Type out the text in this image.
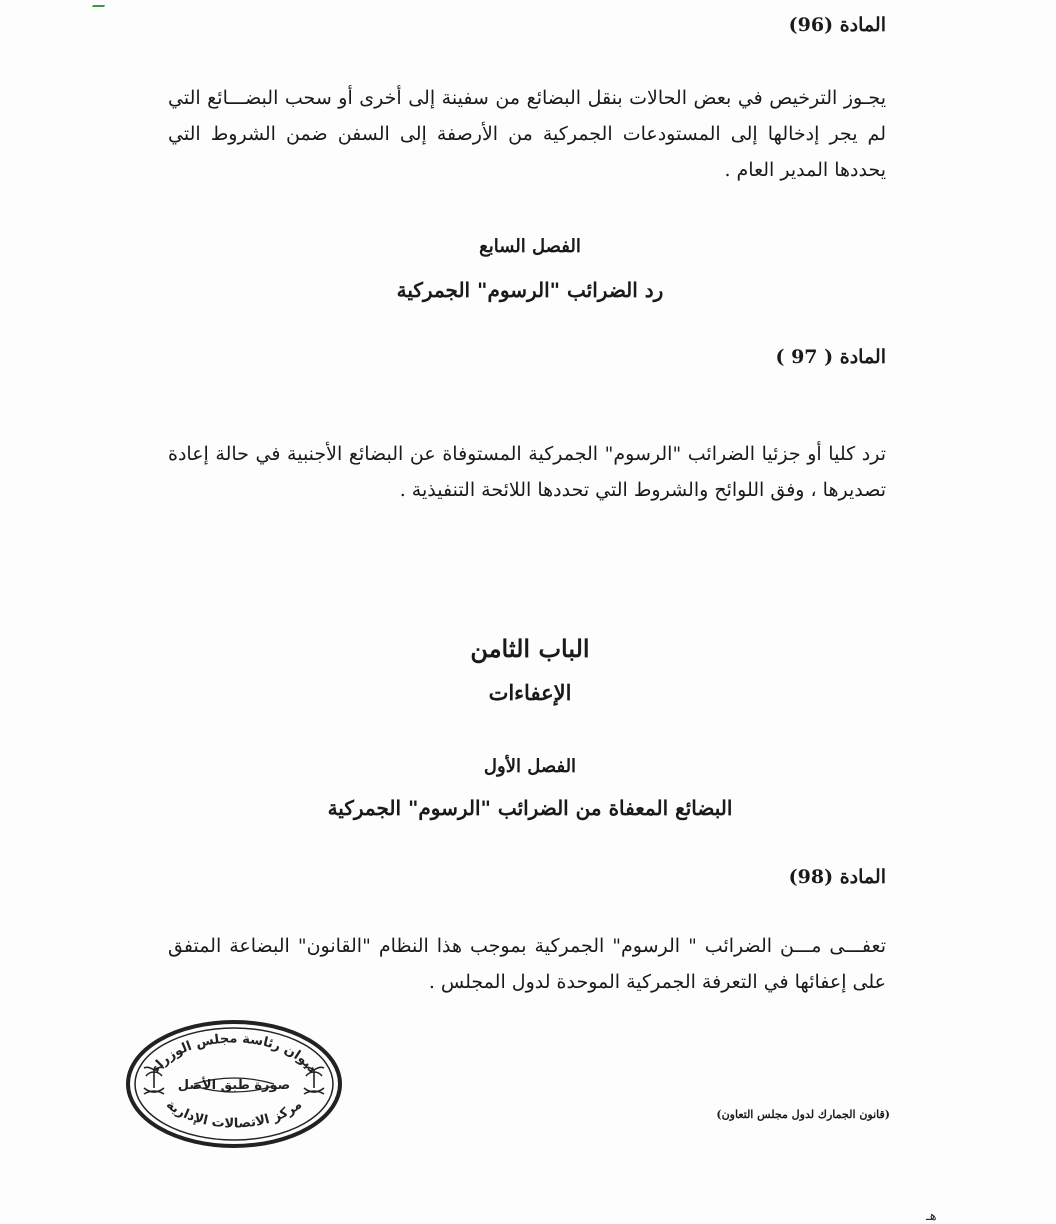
المادة (96)
يجـوز الترخيص في بعض الحالات بنقل البضائع من سفينة إلى أخرى أو سحب البضـــائع التي لم يجر إدخالها إلى المستودعات الجمركية من الأرصفة إلى السفن ضمن الشروط التي يحددها المدير العام .
الفصل السابع
رد الضرائب "الرسوم" الجمركية
المادة ( 97 )
ترد كليا أو جزئيا الضرائب "الرسوم" الجمركية المستوفاة عن البضائع الأجنبية في حالة إعادة تصديرها ، وفق اللوائح والشروط التي تحددها اللائحة التنفيذية .
الباب الثامن
الإعفاءات
الفصل الأول
البضائع المعفاة من الضرائب "الرسوم" الجمركية
المادة (98)
تعفـــى مـــن الضرائب " الرسوم" الجمركية بموجب هذا النظام "القانون" البضاعة المتفق على إعفائها في التعرفة الجمركية الموحدة لدول المجلس .
ديوان رئاسة مجلس الوزراء
صورة طبق الأصل
مركز الاتصالات الإدارية
(قانون الجمارك لدول مجلس التعاون)
هـ
